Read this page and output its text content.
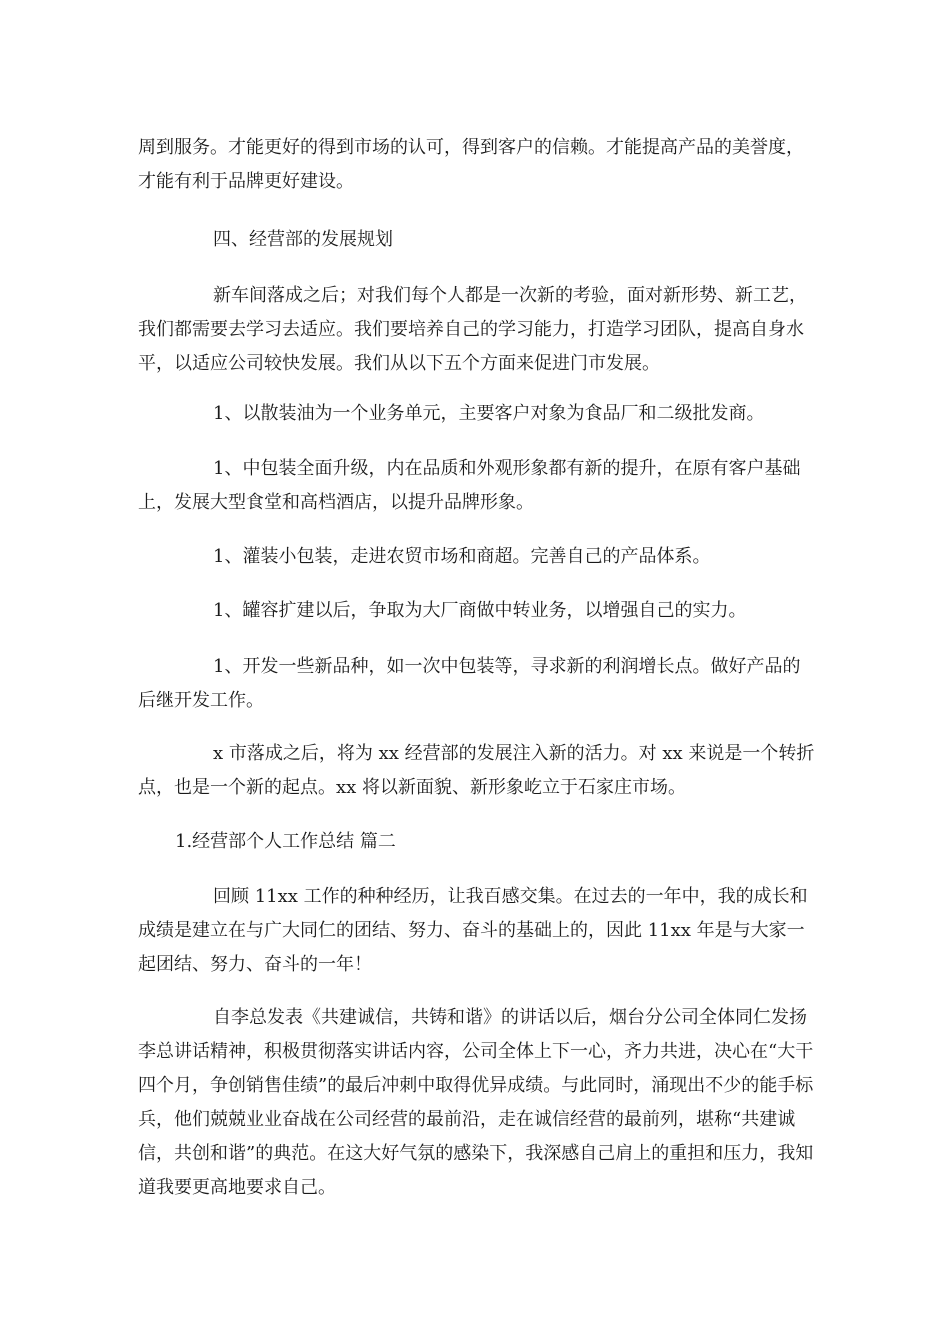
周到服务。才能更好的得到市场的认可，得到客户的信赖。才能提高产品的美誉度，才能有利于品牌更好建设。

四、经营部的发展规划

新车间落成之后；对我们每个人都是一次新的考验，面对新形势、新工艺，我们都需要去学习去适应。我们要培养自己的学习能力，打造学习团队，提高自身水平，以适应公司较快发展。我们从以下五个方面来促进门市发展。

1、以散装油为一个业务单元，主要客户对象为食品厂和二级批发商。

1、中包装全面升级，内在品质和外观形象都有新的提升，在原有客户基础上，发展大型食堂和高档酒店，以提升品牌形象。

1、灌装小包装，走进农贸市场和商超。完善自己的产品体系。

1、罐容扩建以后，争取为大厂商做中转业务，以增强自己的实力。

1、开发一些新品种，如一次中包装等，寻求新的利润增长点。做好产品的后继开发工作。

x 市落成之后，将为 xx 经营部的发展注入新的活力。对 xx 来说是一个转折点，也是一个新的起点。xx 将以新面貌、新形象屹立于石家庄市场。

1.经营部个人工作总结 篇二

回顾 11xx 工作的种种经历，让我百感交集。在过去的一年中，我的成长和成绩是建立在与广大同仁的团结、努力、奋斗的基础上的，因此 11xx 年是与大家一起团结、努力、奋斗的一年！

自李总发表《共建诚信，共铸和谐》的讲话以后，烟台分公司全体同仁发扬李总讲话精神，积极贯彻落实讲话内容，公司全体上下一心，齐力共进，决心在“大干四个月，争创销售佳绩”的最后冲刺中取得优异成绩。与此同时，涌现出不少的能手标兵，他们兢兢业业奋战在公司经营的最前沿，走在诚信经营的最前列，堪称“共建诚信，共创和谐”的典范。在这大好气氛的感染下，我深感自己肩上的重担和压力，我知道我要更高地要求自己。
